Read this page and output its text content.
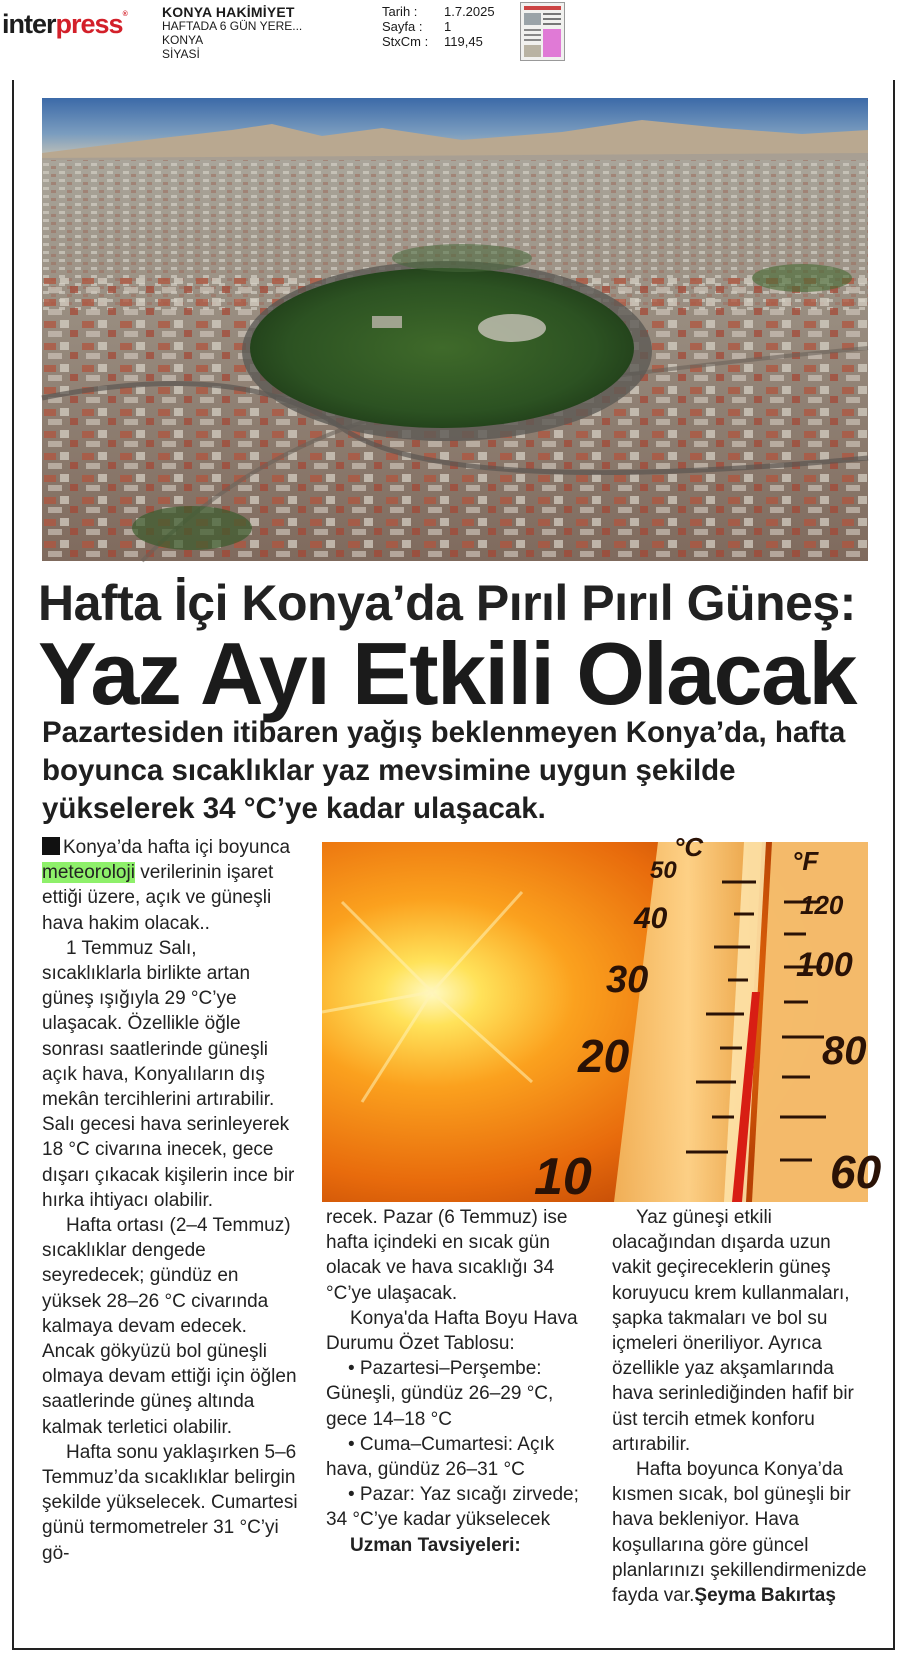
interpress®	KONYA HAKİMİYET
HAFTADA 6 GÜN YERE...
KONYA
SİYASİ
Tarih :	1.7.2025
Sayfa :	1
StxCm :	119,45
Hafta İçi Konya’da Pırıl Pırıl Güneş:
Yaz Ayı Etkili Olacak

Pazartesiden itibaren yağış beklenmeyen Konya’da, hafta boyunca sıcaklıklar yaz mevsimine uygun şekilde yükselerek 34 °C’ye kadar ulaşacak.

Konya’da hafta içi boyunca meteoroloji verilerinin işaret ettiği üzere, açık ve güneşli hava hakim olacak..

1 Temmuz Salı, sıcaklıklarla birlikte artan güneş ışığıyla 29 °C’ye ulaşacak. Özellikle öğle sonrası saatlerinde güneşli açık hava, Konyalıların dış mekân tercihlerini artırabilir. Salı gecesi hava serinleyerek 18 °C civarına inecek, gece dışarı çıkacak kişilerin ince bir hırka ihtiyacı olabilir.

Hafta ortası (2–4 Temmuz) sıcaklıklar dengede seyredecek; gündüz en yüksek 28–26 °C civarında kalmaya devam edecek. Ancak gökyüzü bol güneşli olmaya devam ettiği için öğlen saatlerinde güneş altında kalmak terletici olabilir.

Hafta sonu yaklaşırken 5–6 Temmuz’da sıcaklıklar belirgin şekilde yükselecek. Cumartesi günü termometreler 31 °C’yi gö-

°C	°F
50
40
30
20
10
120
100
80
60

recek. Pazar (6 Temmuz) ise hafta içindeki en sıcak gün olacak ve hava sıcaklığı 34 °C’ye ulaşacak.

Konya'da Hafta Boyu Hava Durumu Özet Tablosu:

• Pazartesi–Perşembe: Güneşli, gündüz 26–29 °C, gece 14–18 °C

• Cuma–Cumartesi: Açık hava, gündüz 26–31 °C

• Pazar: Yaz sıcağı zirvede; 34 °C’ye kadar yükselecek

Uzman Tavsiyeleri:

Yaz güneşi etkili olacağından dışarda uzun vakit geçireceklerin güneş koruyucu krem kullanmaları, şapka takmaları ve bol su içmeleri öneriliyor. Ayrıca özellikle yaz akşamlarında hava serinlediğinden hafif bir üst tercih etmek konforu artırabilir.

Hafta boyunca Konya’da kısmen sıcak, bol güneşli bir hava bekleniyor. Hava koşullarına göre güncel planlarınızı şekillendirmenizde fayda var.Şeyma Bakırtaş
